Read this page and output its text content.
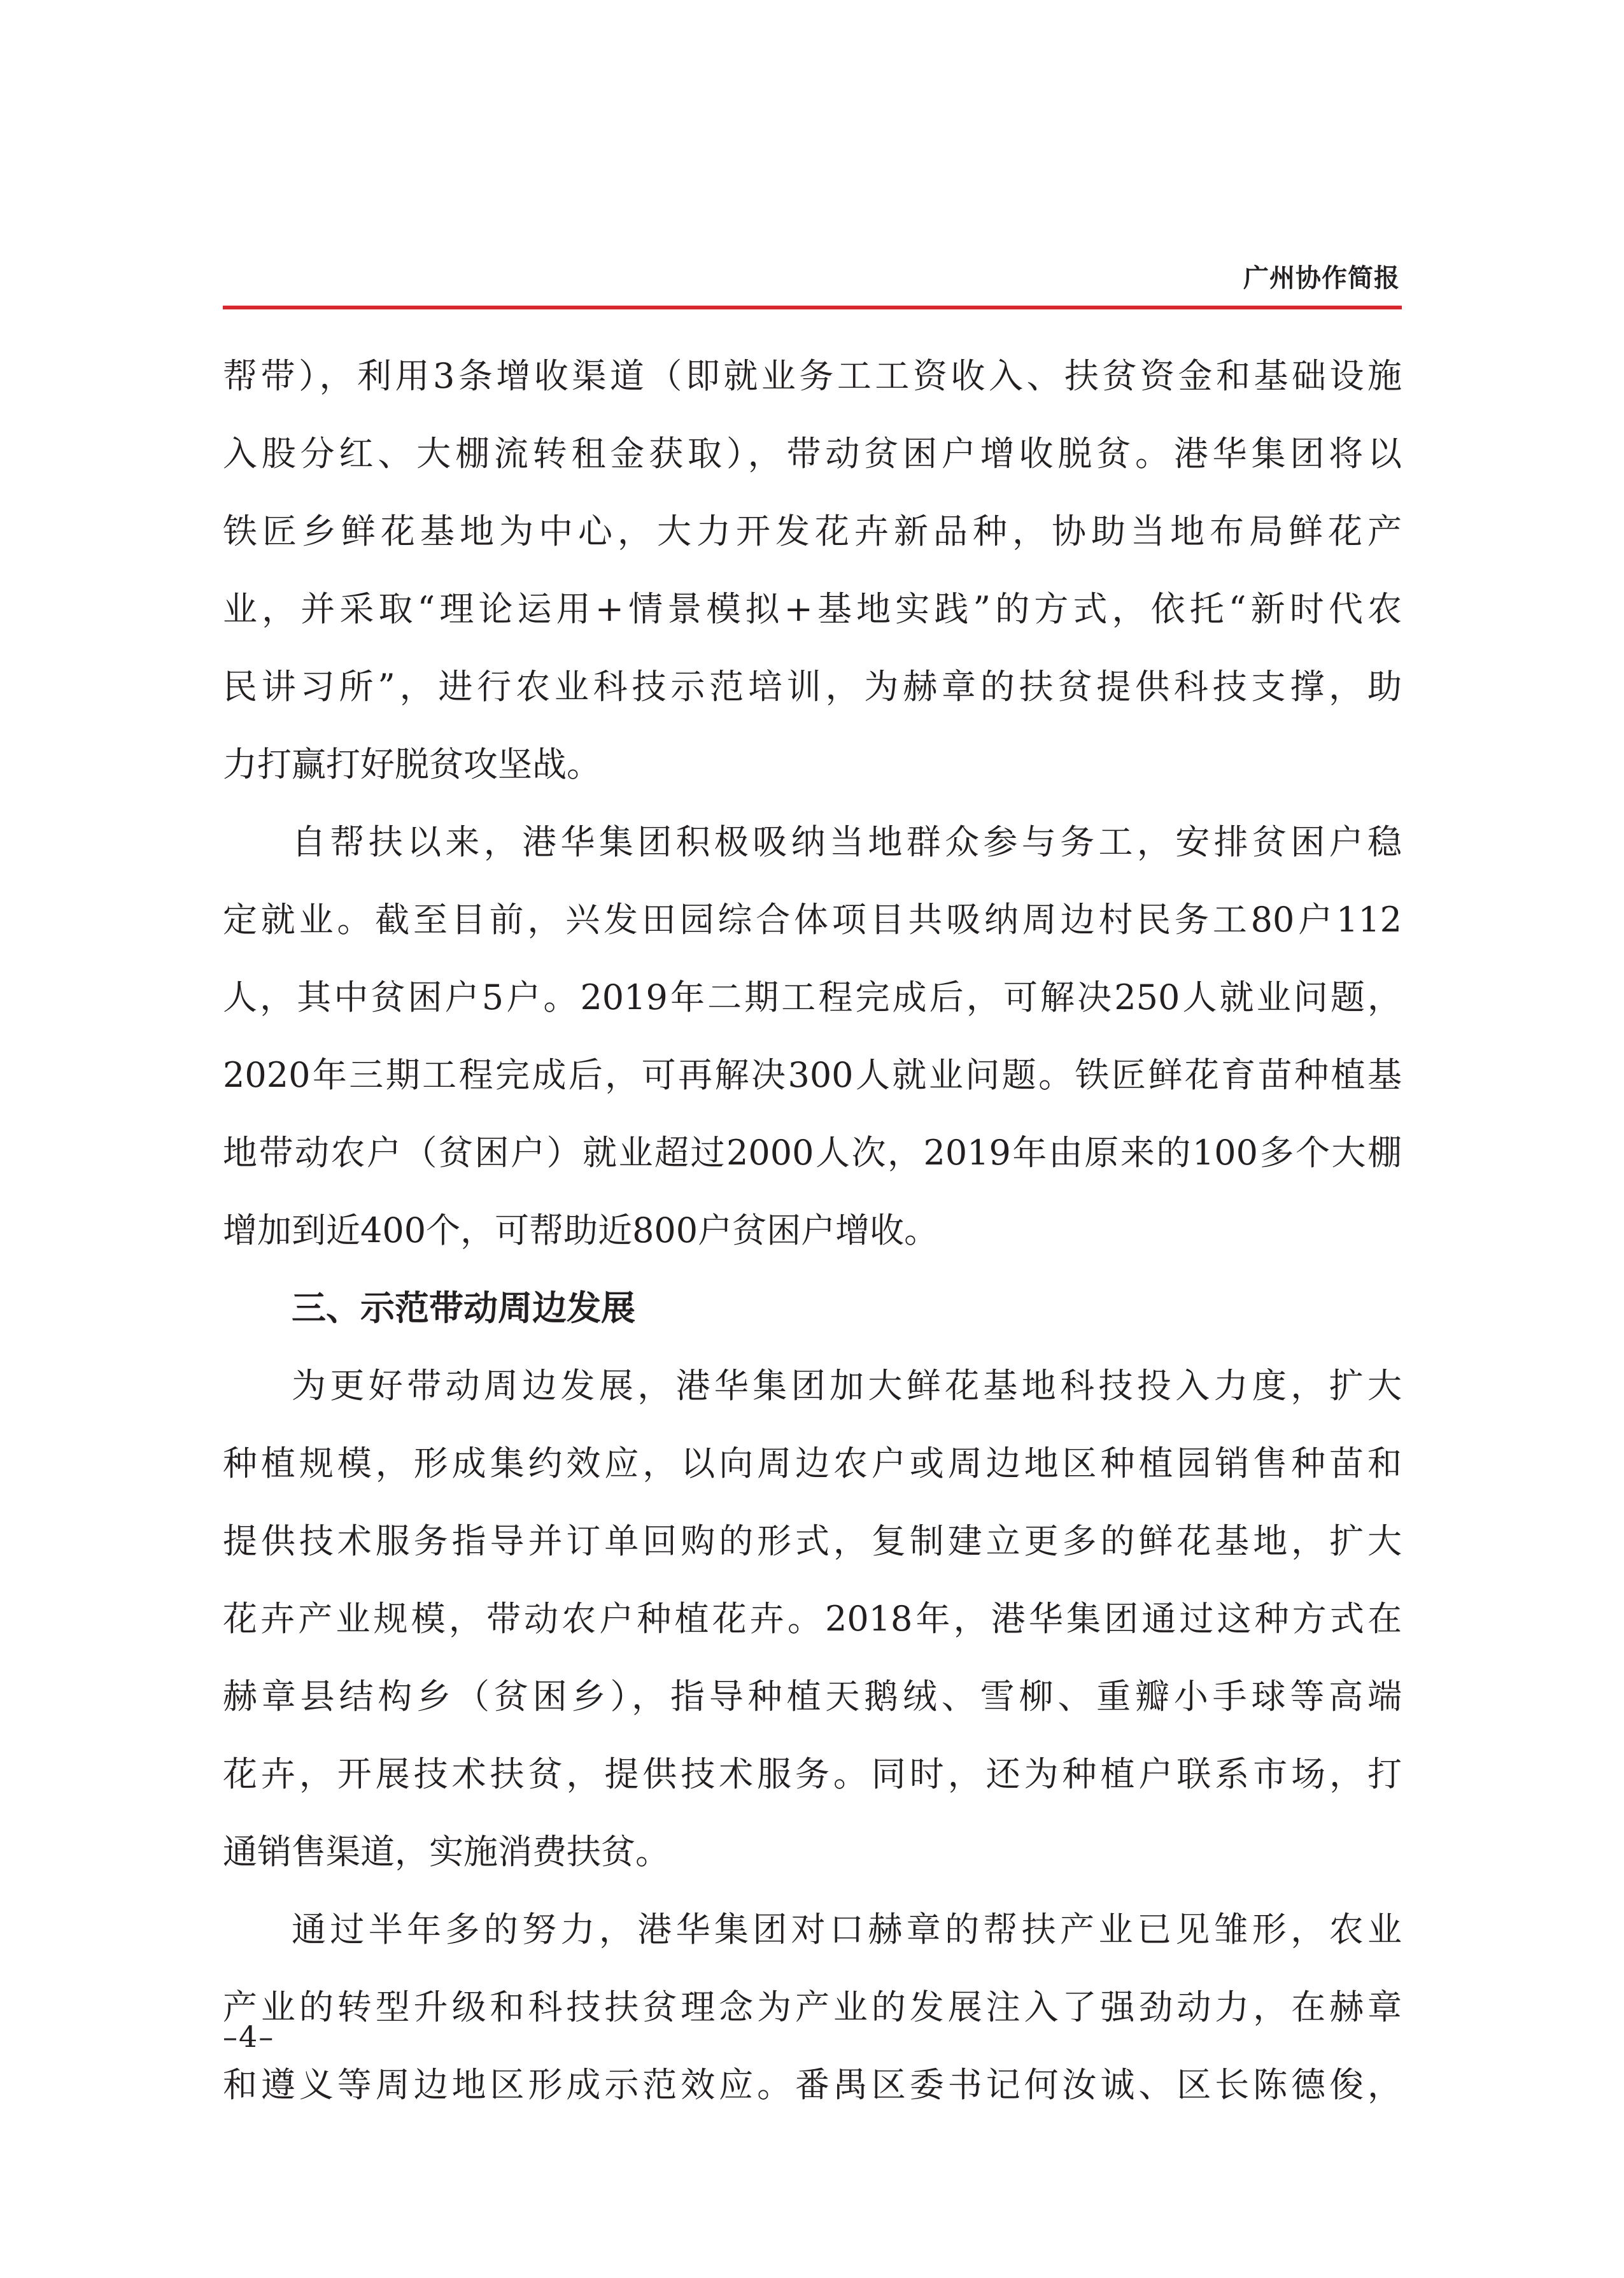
广州协作简报
帮带），利用3条增收渠道（即就业务工工资收入、扶贫资金和基础设施
入股分红、大棚流转租金获取），带动贫困户增收脱贫。港华集团将以
铁匠乡鲜花基地为中心，大力开发花卉新品种，协助当地布局鲜花产
业，并采取“理论运用+情景模拟+基地实践”的方式，依托“新时代农
民讲习所”，进行农业科技示范培训，为赫章的扶贫提供科技支撑，助
力打赢打好脱贫攻坚战。
自帮扶以来，港华集团积极吸纳当地群众参与务工，安排贫困户稳
定就业。截至目前，兴发田园综合体项目共吸纳周边村民务工80户112
人，其中贫困户5户。2019年二期工程完成后，可解决250人就业问题，
2020年三期工程完成后，可再解决300人就业问题。铁匠鲜花育苗种植基
地带动农户（贫困户）就业超过2000人次，2019年由原来的100多个大棚
增加到近400个，可帮助近800户贫困户增收。
三、示范带动周边发展
为更好带动周边发展，港华集团加大鲜花基地科技投入力度，扩大
种植规模，形成集约效应，以向周边农户或周边地区种植园销售种苗和
提供技术服务指导并订单回购的形式，复制建立更多的鲜花基地，扩大
花卉产业规模，带动农户种植花卉。2018年，港华集团通过这种方式在
赫章县结构乡（贫困乡），指导种植天鹅绒、雪柳、重瓣小手球等高端
花卉，开展技术扶贫，提供技术服务。同时，还为种植户联系市场，打
通销售渠道，实施消费扶贫。
通过半年多的努力，港华集团对口赫章的帮扶产业已见雏形，农业
产业的转型升级和科技扶贫理念为产业的发展注入了强劲动力，在赫章
和遵义等周边地区形成示范效应。番禺区委书记何汝诚、区长陈德俊，
–4–
